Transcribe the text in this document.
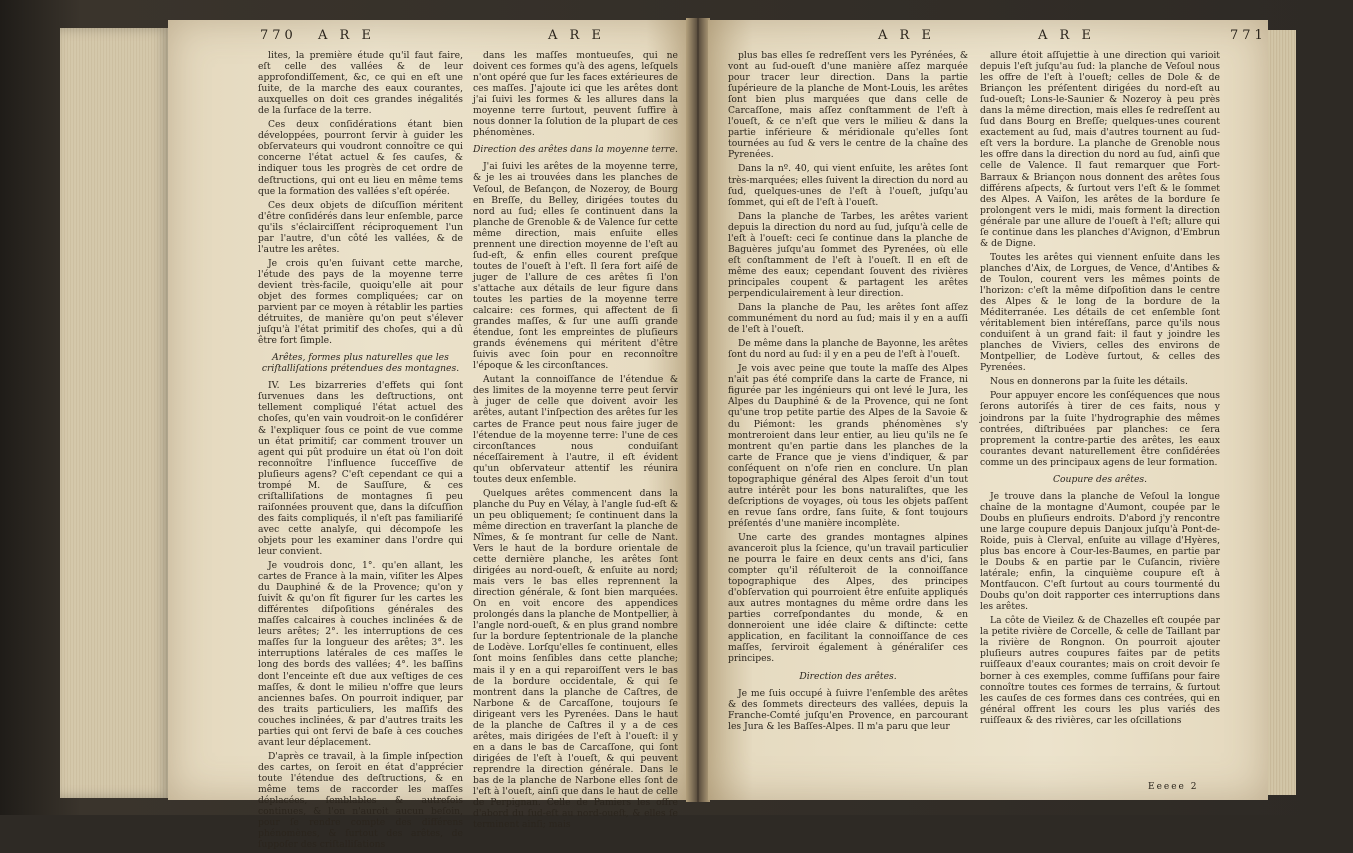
770 A R E	A R E

lites, la première étude qu'il faut faire, eſt celle des vallées & de leur approfondiſſement, &c, ce qui en eſt une ſuite, de la marche des eaux courantes, auxquelles on doit ces grandes inégalités de la ſurface de la terre.

Ces deux conſidérations étant bien développées, pourront ſervir à guider les obſervateurs qui voudront connoître ce qui concerne l'état actuel & ſes cauſes, & indiquer tous les progrès de cet ordre de deſtructions, qui ont eu lieu en même tems que la formation des vallées s'eſt opérée.

Ces deux objets de diſcuſſion méritent d'être conſidérés dans leur enſemble, parce qu'ils s'éclairciſſent réciproquement l'un par l'autre, d'un côté les vallées, & de l'autre les arêtes.

Je crois qu'en ſuivant cette marche, l'étude des pays de la moyenne terre devient très-facile, quoiqu'elle ait pour objet des formes compliquées; car on parvient par ce moyen à rétablir les parties détruites, de manière qu'on peut s'élever juſqu'à l'état primitif des choſes, qui a dû être fort ſimple.

Arêtes, formes plus naturelles que les criſtalliſations prétendues des montagnes.

IV. Les bizarreries d'effets qui ſont ſurvenues dans les deſtructions, ont tellement compliqué l'état actuel des choſes, qu'en vain voudroit-on le conſidérer & l'expliquer ſous ce point de vue comme un état primitif; car comment trouver un agent qui pût produire un état où l'on doit reconnoître l'influence ſucceſſive de pluſieurs agens? C'eſt cependant ce qui a trompé M. de Sauſſure, & ces criſtalliſations de montagnes ſi peu raiſonnées prouvent que, dans la diſcuſſion des faits compliqués, il n'eſt pas familiariſé avec cette analyſe, qui décompoſe les objets pour les examiner dans l'ordre qui leur convient.

Je voudrois donc, 1°. qu'en allant, les cartes de France à la main, viſiter les Alpes du Dauphiné & de la Provence; qu'on y ſuivît & qu'on fît figurer ſur les cartes les différentes diſpoſitions générales des maſſes calcaires à couches inclinées & de leurs arêtes; 2°. les interruptions de ces maſſes ſur la longueur des arêtes; 3°. les interruptions latérales de ces maſſes le long des bords des vallées; 4°. les baſſins dont l'enceinte eſt due aux veſtiges de ces maſſes, & dont le milieu n'offre que leurs anciennes baſes. On pourroit indiquer, par des traits particuliers, les maſſifs des couches inclinées, & par d'autres traits les parties qui ont ſervi de baſe à ces couches avant leur déplacement.

D'après ce travail, à la ſimple inſpection des cartes, on ſeroit en état d'apprécier toute l'étendue des deſtructions, & en même tems de raccorder les maſſes déplacées, ſemblables & autrefois continues, & l'on n'auroit aucun beſoin, pour ſe rendre compte des différens phénomènes, & ſurtout des arêtes, de ſuppoſer des criſtalliſations

dans les maſſes montueuſes, qui ne doivent ces formes qu'à des agens, leſquels n'ont opéré que ſur les faces extérieures de ces maſſes. J'ajoute ici que les arêtes dont j'ai ſuivi les formes & les allures dans la moyenne terre ſurtout, peuvent ſuffire à nous donner la ſolution de la plupart de ces phénomènes.

Direction des arêtes dans la moyenne terre.

J'ai ſuivi les arêtes de la moyenne terre, & je les ai trouvées dans les planches de Veſoul, de Beſançon, de Nozeroy, de Bourg en Breſſe, du Belley, dirigées toutes du nord au ſud; elles ſe continuent dans la planche de Grenoble & de Valence ſur cette même direction, mais enſuite elles prennent une direction moyenne de l'eſt au ſud-eſt, & enfin elles courent preſque toutes de l'oueſt à l'eſt. Il ſera fort aiſé de juger de l'allure de ces arêtes ſi l'on s'attache aux détails de leur figure dans toutes les parties de la moyenne terre calcaire: ces formes, qui affectent de ſi grandes maſſes, & ſur une auſſi grande étendue, ſont les empreintes de pluſieurs grands événemens qui méritent d'être ſuivis avec ſoin pour en reconnoître l'époque & les circonſtances.

Autant la connoiſſance de l'étendue & des limites de la moyenne terre peut ſervir à juger de celle que doivent avoir les arêtes, autant l'inſpection des arêtes ſur les cartes de France peut nous faire juger de l'étendue de la moyenne terre: l'une de ces circonſtances nous conduiſant néceſſairement à l'autre, il eſt évident qu'un obſervateur attentif les réunira toutes deux enſemble.

Quelques arêtes commencent dans la planche du Puy en Vélay, à l'angle ſud-eſt & un peu obliquement; ſe continuent dans la même direction en traverſant la planche de Nîmes, & ſe montrant ſur celle de Nant. Vers le haut de la bordure orientale de cette dernière planche, les arêtes ſont dirigées au nord-oueſt, & enſuite au nord; mais vers le bas elles reprennent la direction générale, & ſont bien marquées. On en voit encore des appendices prolongés dans la planche de Montpellier, à l'angle nord-oueſt, & en plus grand nombre ſur la bordure ſeptentrionale de la planche de Lodève. Lorſqu'elles ſe continuent, elles ſont moins ſenſibles dans cette planche; mais il y en a qui reparoiſſent vers le bas de la bordure occidentale, & qui ſe montrent dans la planche de Caſtres, de Narbone & de Carcaſſone, toujours ſe dirigeant vers les Pyrenées. Dans le haut de la planche de Caſtres il y a de ces arêtes, mais dirigées de l'eſt à l'oueſt: il y en a dans le bas de Carcaſſone, qui ſont dirigées de l'eſt à l'oueſt, & qui peuvent reprendre la direction générale. Dans le bas de la planche de Narbone elles ſont de l'eſt à l'oueſt, ainſi que dans le haut de celle de Perpignan. Celle de Pamiers les offre d'abord du ſud-eſt au nord-oueſt, & elles ſe terminent ainſi; mais

A R E	A R E	771

plus bas elles ſe redreſſent vers les Pyrénées, & vont au ſud-oueſt d'une manière aſſez marquée pour tracer leur direction. Dans la partie ſupérieure de la planche de Mont-Louis, les arêtes ſont bien plus marquées que dans celle de Carcaſſone, mais aſſez conſtamment de l'eſt à l'oueſt, & ce n'eſt que vers le milieu & dans la partie inférieure & méridionale qu'elles ſont tournées au ſud & vers le centre de la chaîne des Pyrenées.

Dans la nº. 40, qui vient enſuite, les arêtes ſont très-marquées; elles ſuivent la direction du nord au ſud, quelques-unes de l'eſt à l'oueſt, juſqu'au ſommet, qui eſt de l'eſt à l'oueſt.

Dans la planche de Tarbes, les arêtes varient depuis la direction du nord au ſud, juſqu'à celle de l'eſt à l'oueſt: ceci ſe continue dans la planche de Baguères juſqu'au ſommet des Pyrenées, où elle eſt conſtamment de l'eſt à l'oueſt. Il en eſt de même des eaux; cependant ſouvent des rivières principales coupent & partagent les arêtes perpendiculairement à leur direction.

Dans la planche de Pau, les arêtes ſont aſſez communément du nord au ſud; mais il y en a auſſi de l'eſt à l'oueſt.

De même dans la planche de Bayonne, les arêtes ſont du nord au ſud: il y en a peu de l'eſt à l'oueſt.

Je vois avec peine que toute la maſſe des Alpes n'ait pas été compriſe dans la carte de France, ni figurée par les ingénieurs qui ont levé le Jura, les Alpes du Dauphiné & de la Provence, qui ne ſont qu'une trop petite partie des Alpes de la Savoie & du Piémont: les grands phénomènes s'y montreroient dans leur entier, au lieu qu'ils ne ſe montrent qu'en partie dans les planches de la carte de France que je viens d'indiquer, & par conſéquent on n'ofe rien en conclure. Un plan topographique général des Alpes ſeroit d'un tout autre intérêt pour les bons naturaliſtes, que les deſcriptions de voyages, où tous les objets paſſent en revue ſans ordre, ſans ſuite, & ſont toujours préſentés d'une manière incomplète.

Une carte des grandes montagnes alpines avanceroit plus la ſcience, qu'un travail particulier ne pourra le faire en deux cents ans d'ici, ſans compter qu'il réſulteroit de la connoiſſance topographique des Alpes, des principes d'obſervation qui pourroient être enſuite appliqués aux autres montagnes du même ordre dans les parties correſpondantes du monde, & en donneroient une idée claire & diſtincte: cette application, en facilitant la connoiſſance de ces maſſes, ſerviroit également à généraliſer ces principes.

Direction des arêtes.

Je me ſuis occupé à ſuivre l'enſemble des arêtes & des ſommets directeurs des vallées, depuis la Franche-Comté juſqu'en Provence, en parcourant les Jura & les Baſſes-Alpes. Il m'a paru que leur

allure étoit aſſujettie à une direction qui varioit depuis l'eſt juſqu'au ſud: la planche de Veſoul nous les offre de l'eſt à l'oueſt; celles de Dole & de Briançon les préſentent dirigées du nord-eſt au ſud-oueſt; Lons-le-Saunier & Nozeroy à peu près dans la même direction, mais elles ſe redreſſent au ſud dans Bourg en Breſſe; quelques-unes courent exactement au ſud, mais d'autres tournent au ſud-eſt vers la bordure. La planche de Grenoble nous les offre dans la direction du nord au ſud, ainſi que celle de Valence. Il faut remarquer que Fort-Barraux & Briançon nous donnent des arêtes ſous différens aſpects, & ſurtout vers l'eſt & le ſommet des Alpes. A Vaiſon, les arêtes de la bordure ſe prolongent vers le midi, mais forment la direction générale par une allure de l'oueſt à l'eſt; allure qui ſe continue dans les planches d'Avignon, d'Embrun & de Digne.

Toutes les arêtes qui viennent enſuite dans les planches d'Aix, de Lorgues, de Vence, d'Antibes & de Toulon, courent vers les mêmes points de l'horizon: c'eſt la même diſpoſition dans le centre des Alpes & le long de la bordure de la Méditerranée. Les détails de cet enſemble ſont véritablement bien intéreſſans, parce qu'ils nous conduiſent à un grand fait: il faut y joindre les planches de Viviers, celles des environs de Montpellier, de Lodève ſurtout, & celles des Pyrenées.

Nous en donnerons par la ſuite les détails.

Pour appuyer encore les conſéquences que nous ſerons autoriſés à tirer de ces faits, nous y joindrons par la ſuite l'hydrographie des mêmes contrées, diſtribuées par planches: ce ſera proprement la contre-partie des arêtes, les eaux courantes devant naturellement être conſidérées comme un des principaux agens de leur formation.

Coupure des arêtes.

Je trouve dans la planche de Veſoul la longue chaîne de la montagne d'Aumont, coupée par le Doubs en pluſieurs endroits. D'abord j'y rencontre une large coupure depuis Danjoux juſqu'à Pont-de-Roide, puis à Clerval, enſuite au village d'Hyères, plus bas encore à Cour-les-Baumes, en partie par le Doubs & en partie par le Cuſancin, rivière latérale; enfin, la cinquième coupure eſt à Montfaucon. C'eſt ſurtout au cours tourmenté du Doubs qu'on doit rapporter ces interruptions dans les arêtes.

La côte de Vieilez & de Chazelles eſt coupée par la petite rivière de Corcelle, & celle de Taillant par la rivière de Rongnon. On pourroit ajouter pluſieurs autres coupures faites par de petits ruiſſeaux d'eaux courantes; mais on croit devoir ſe borner à ces exemples, comme ſuffiſans pour faire connoître toutes ces formes de terrains, & ſurtout les cauſes de ces formes dans ces contrées, qui en général offrent les cours les plus variés des ruiſſeaux & des rivières, car les oſcillations

Eeeee 2
